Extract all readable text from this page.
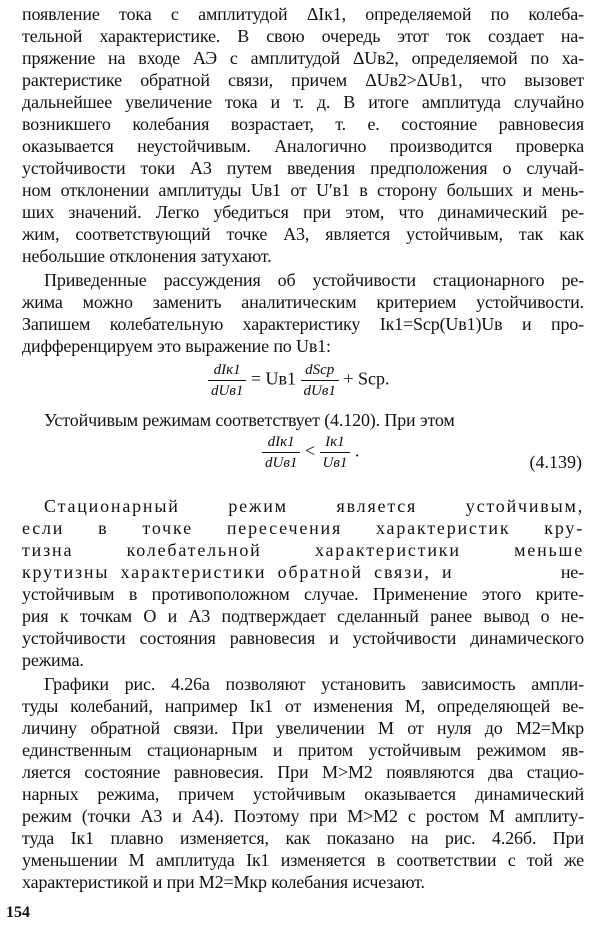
появление тока с амплитудой ΔIк1, определяемой по колеба-
тельной характеристике. В свою очередь этот ток создает на-
пряжение на входе АЭ с амплитудой ΔUв2, определяемой по ха-
рактеристике обратной связи, причем ΔUв2>ΔUв1, что вызовет
дальнейшее увеличение тока и т. д. В итоге амплитуда случайно
возникшего колебания возрастает, т. е. состояние равновесия
оказывается неустойчивым. Аналогично производится проверка
устойчивости токи A3 путем введения предположения о случай-
ном отклонении амплитуды Uв1 от U′в1 в сторону больших и мень-
ших значений. Легко убедиться при этом, что динамический ре-
жим, соответствующий точке A3, является устойчивым, так как
небольшие отклонения затухают.
Приведенные рассуждения об устойчивости стационарного ре-
жима можно заменить аналитическим критерием устойчивости.
Запишем колебательную характеристику Iк1=Sср(Uв1)Uв и про-
дифференцируем это выражение по Uв1:
$\frac{\text{dIк1}}{\text{dUв1}} = Uв1 \frac{\text{dSср}}{\text{dUв1}}$ + Sср.
Устойчивым режимам соответствует (4.120). При этом
$\frac{\text{dIк1}}{\text{dUв1}} < \frac{Iк1}{Uв1}$ .
(4.139)
Стационарный режим является устойчивым,
если в точке пересечения характеристик кру-
тизна колебательной характеристики меньше
крутизны характеристики обратной связи, и	не-
устойчивым в противоположном случае. Применение этого крите-
рия к точкам O и A3 подтверждает сделанный ранее вывод о не-
устойчивости состояния равновесия и устойчивости динамического
режима.
Графики рис. 4.26а позволяют установить зависимость ампли-
туды колебаний, например Iк1 от изменения M, определяющей ве-
личину обратной связи. При увеличении M от нуля до M2=Mкр
единственным стационарным и притом устойчивым режимом яв-
ляется состояние равновесия. При M>M2 появляются два стацио-
нарных режима, причем устойчивым оказывается динамический
режим (точки A3 и A4). Поэтому при M>M2 с ростом M амплиту-
туда Iк1 плавно изменяется, как показано на рис. 4.26б. При
уменьшении M амплитуда Iк1 изменяется в соответствии с той же
характеристикой и при M2=Mкр колебания исчезают.
154
